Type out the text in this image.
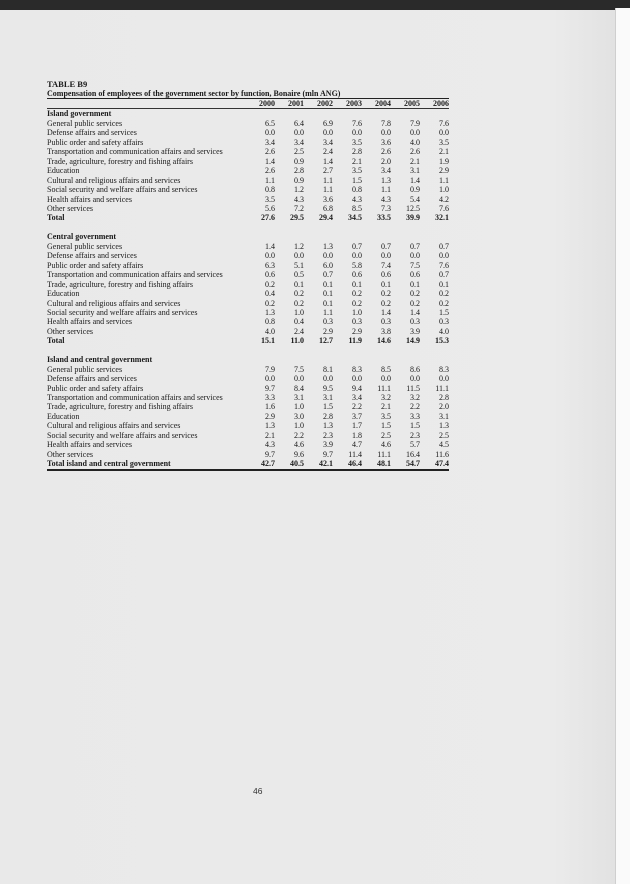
TABLE B9
Compensation of employees of the government sector by function, Bonaire (mln ANG)
	2000	2001	2002	2003	2004	2005	2006
Island government							
General public services	6.5	6.4	6.9	7.6	7.8	7.9	7.6
Defense affairs and services	0.0	0.0	0.0	0.0	0.0	0.0	0.0
Public order and safety affairs	3.4	3.4	3.4	3.5	3.6	4.0	3.5
Transportation and communication affairs and services	2.6	2.5	2.4	2.8	2.6	2.6	2.1
Trade, agriculture, forestry and fishing affairs	1.4	0.9	1.4	2.1	2.0	2.1	1.9
Education	2.6	2.8	2.7	3.5	3.4	3.1	2.9
Cultural and religious affairs and services	1.1	0.9	1.1	1.5	1.3	1.4	1.1
Social security and welfare affairs and services	0.8	1.2	1.1	0.8	1.1	0.9	1.0
Health affairs and services	3.5	4.3	3.6	4.3	4.3	5.4	4.2
Other services	5.6	7.2	6.8	8.5	7.3	12.5	7.6
Total	27.6	29.5	29.4	34.5	33.5	39.9	32.1

Central government							
General public services	1.4	1.2	1.3	0.7	0.7	0.7	0.7
Defense affairs and services	0.0	0.0	0.0	0.0	0.0	0.0	0.0
Public order and safety affairs	6.3	5.1	6.0	5.8	7.4	7.5	7.6
Transportation and communication affairs and services	0.6	0.5	0.7	0.6	0.6	0.6	0.7
Trade, agriculture, forestry and fishing affairs	0.2	0.1	0.1	0.1	0.1	0.1	0.1
Education	0.4	0.2	0.1	0.2	0.2	0.2	0.2
Cultural and religious affairs and services	0.2	0.2	0.1	0.2	0.2	0.2	0.2
Social security and welfare affairs and services	1.3	1.0	1.1	1.0	1.4	1.4	1.5
Health affairs and services	0.8	0.4	0.3	0.3	0.3	0.3	0.3
Other services	4.0	2.4	2.9	2.9	3.8	3.9	4.0
Total	15.1	11.0	12.7	11.9	14.6	14.9	15.3

Island and central government							
General public services	7.9	7.5	8.1	8.3	8.5	8.6	8.3
Defense affairs and services	0.0	0.0	0.0	0.0	0.0	0.0	0.0
Public order and safety affairs	9.7	8.4	9.5	9.4	11.1	11.5	11.1
Transportation and communication affairs and services	3.3	3.1	3.1	3.4	3.2	3.2	2.8
Trade, agriculture, forestry and fishing affairs	1.6	1.0	1.5	2.2	2.1	2.2	2.0
Education	2.9	3.0	2.8	3.7	3.5	3.3	3.1
Cultural and religious affairs and services	1.3	1.0	1.3	1.7	1.5	1.5	1.3
Social security and welfare affairs and services	2.1	2.2	2.3	1.8	2.5	2.3	2.5
Health affairs and services	4.3	4.6	3.9	4.7	4.6	5.7	4.5
Other services	9.7	9.6	9.7	11.4	11.1	16.4	11.6
Total island and central government	42.7	40.5	42.1	46.4	48.1	54.7	47.4
46
